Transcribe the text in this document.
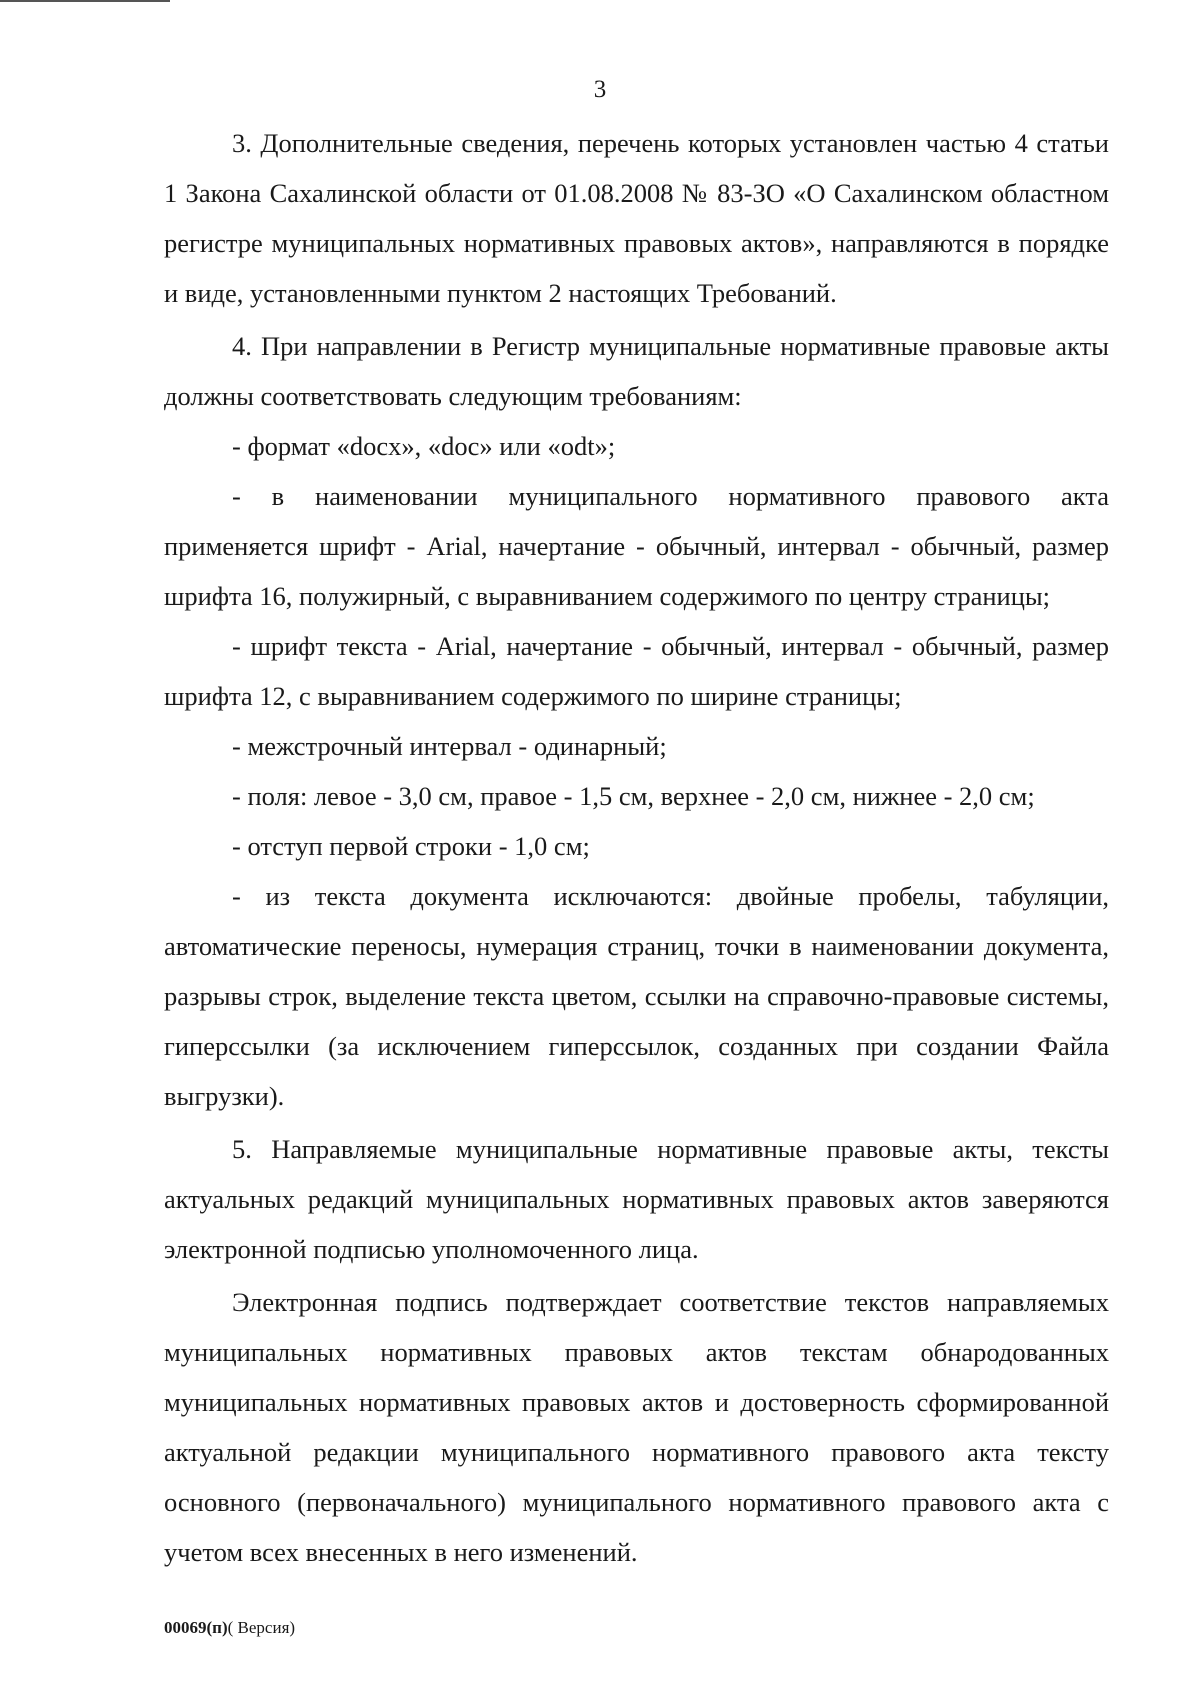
3

3. Дополнительные сведения, перечень которых установлен частью 4 статьи 1 Закона Сахалинской области от 01.08.2008 № 83-ЗО «О Сахалинском областном регистре муниципальных нормативных правовых актов», направляются в порядке и виде, установленными пунктом 2 настоящих Требований.

4. При направлении в Регистр муниципальные нормативные правовые акты должны соответствовать следующим требованиям:

- формат «docx», «doc» или «odt»;

- в наименовании муниципального нормативного правового акта применяется шрифт - Arial, начертание - обычный, интервал - обычный, размер шрифта 16, полужирный, с выравниванием содержимого по центру страницы;

- шрифт текста - Arial, начертание - обычный, интервал - обычный, размер шрифта 12, с выравниванием содержимого по ширине страницы;

- межстрочный интервал - одинарный;

- поля: левое - 3,0 см, правое - 1,5 см, верхнее - 2,0 см, нижнее - 2,0 см;

- отступ первой строки - 1,0 см;

- из текста документа исключаются: двойные пробелы, табуляции, автоматические переносы, нумерация страниц, точки в наименовании документа, разрывы строк, выделение текста цветом, ссылки на справочно-правовые системы, гиперссылки (за исключением гиперссылок, созданных при создании Файла выгрузки).

5. Направляемые муниципальные нормативные правовые акты, тексты актуальных редакций муниципальных нормативных правовых актов заверяются электронной подписью уполномоченного лица.

Электронная подпись подтверждает соответствие текстов направляемых муниципальных нормативных правовых актов текстам обнародованных муниципальных нормативных правовых актов и достоверность сформированной актуальной редакции муниципального нормативного правового акта тексту основного (первоначального) муниципального нормативного правового акта с учетом всех внесенных в него изменений.

00069(п)( Версия)
